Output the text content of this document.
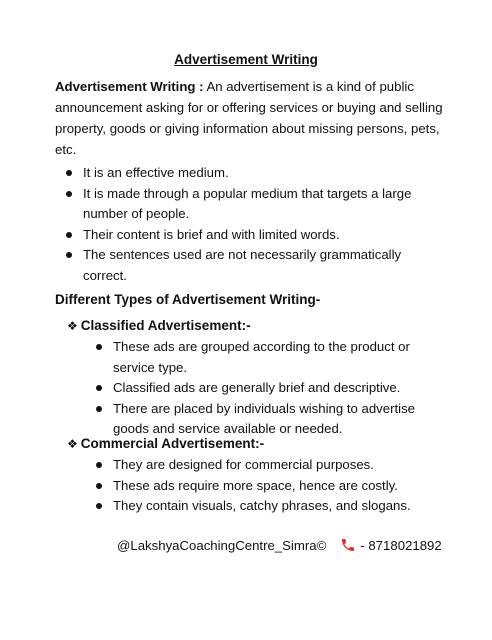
Advertisement Writing
Advertisement Writing : An advertisement is a kind of public announcement asking for or offering services or buying and selling property, goods or giving information about missing persons, pets, etc.
It is an effective medium.
It is made through a popular medium that targets a large number of people.
Their content is brief and with limited words.
The sentences used are not necessarily grammatically correct.
Different Types of Advertisement Writing-
❖ Classified Advertisement:-
These ads are grouped according to the product or service type.
Classified ads are generally brief and descriptive.
There are placed by individuals wishing to advertise goods and service available or needed.
❖ Commercial Advertisement:-
They are designed for commercial purposes.
These ads require more space, hence are costly.
They contain visuals, catchy phrases, and slogans.
@LakshyaCoachingCentre_Simra©	- 8718021892
